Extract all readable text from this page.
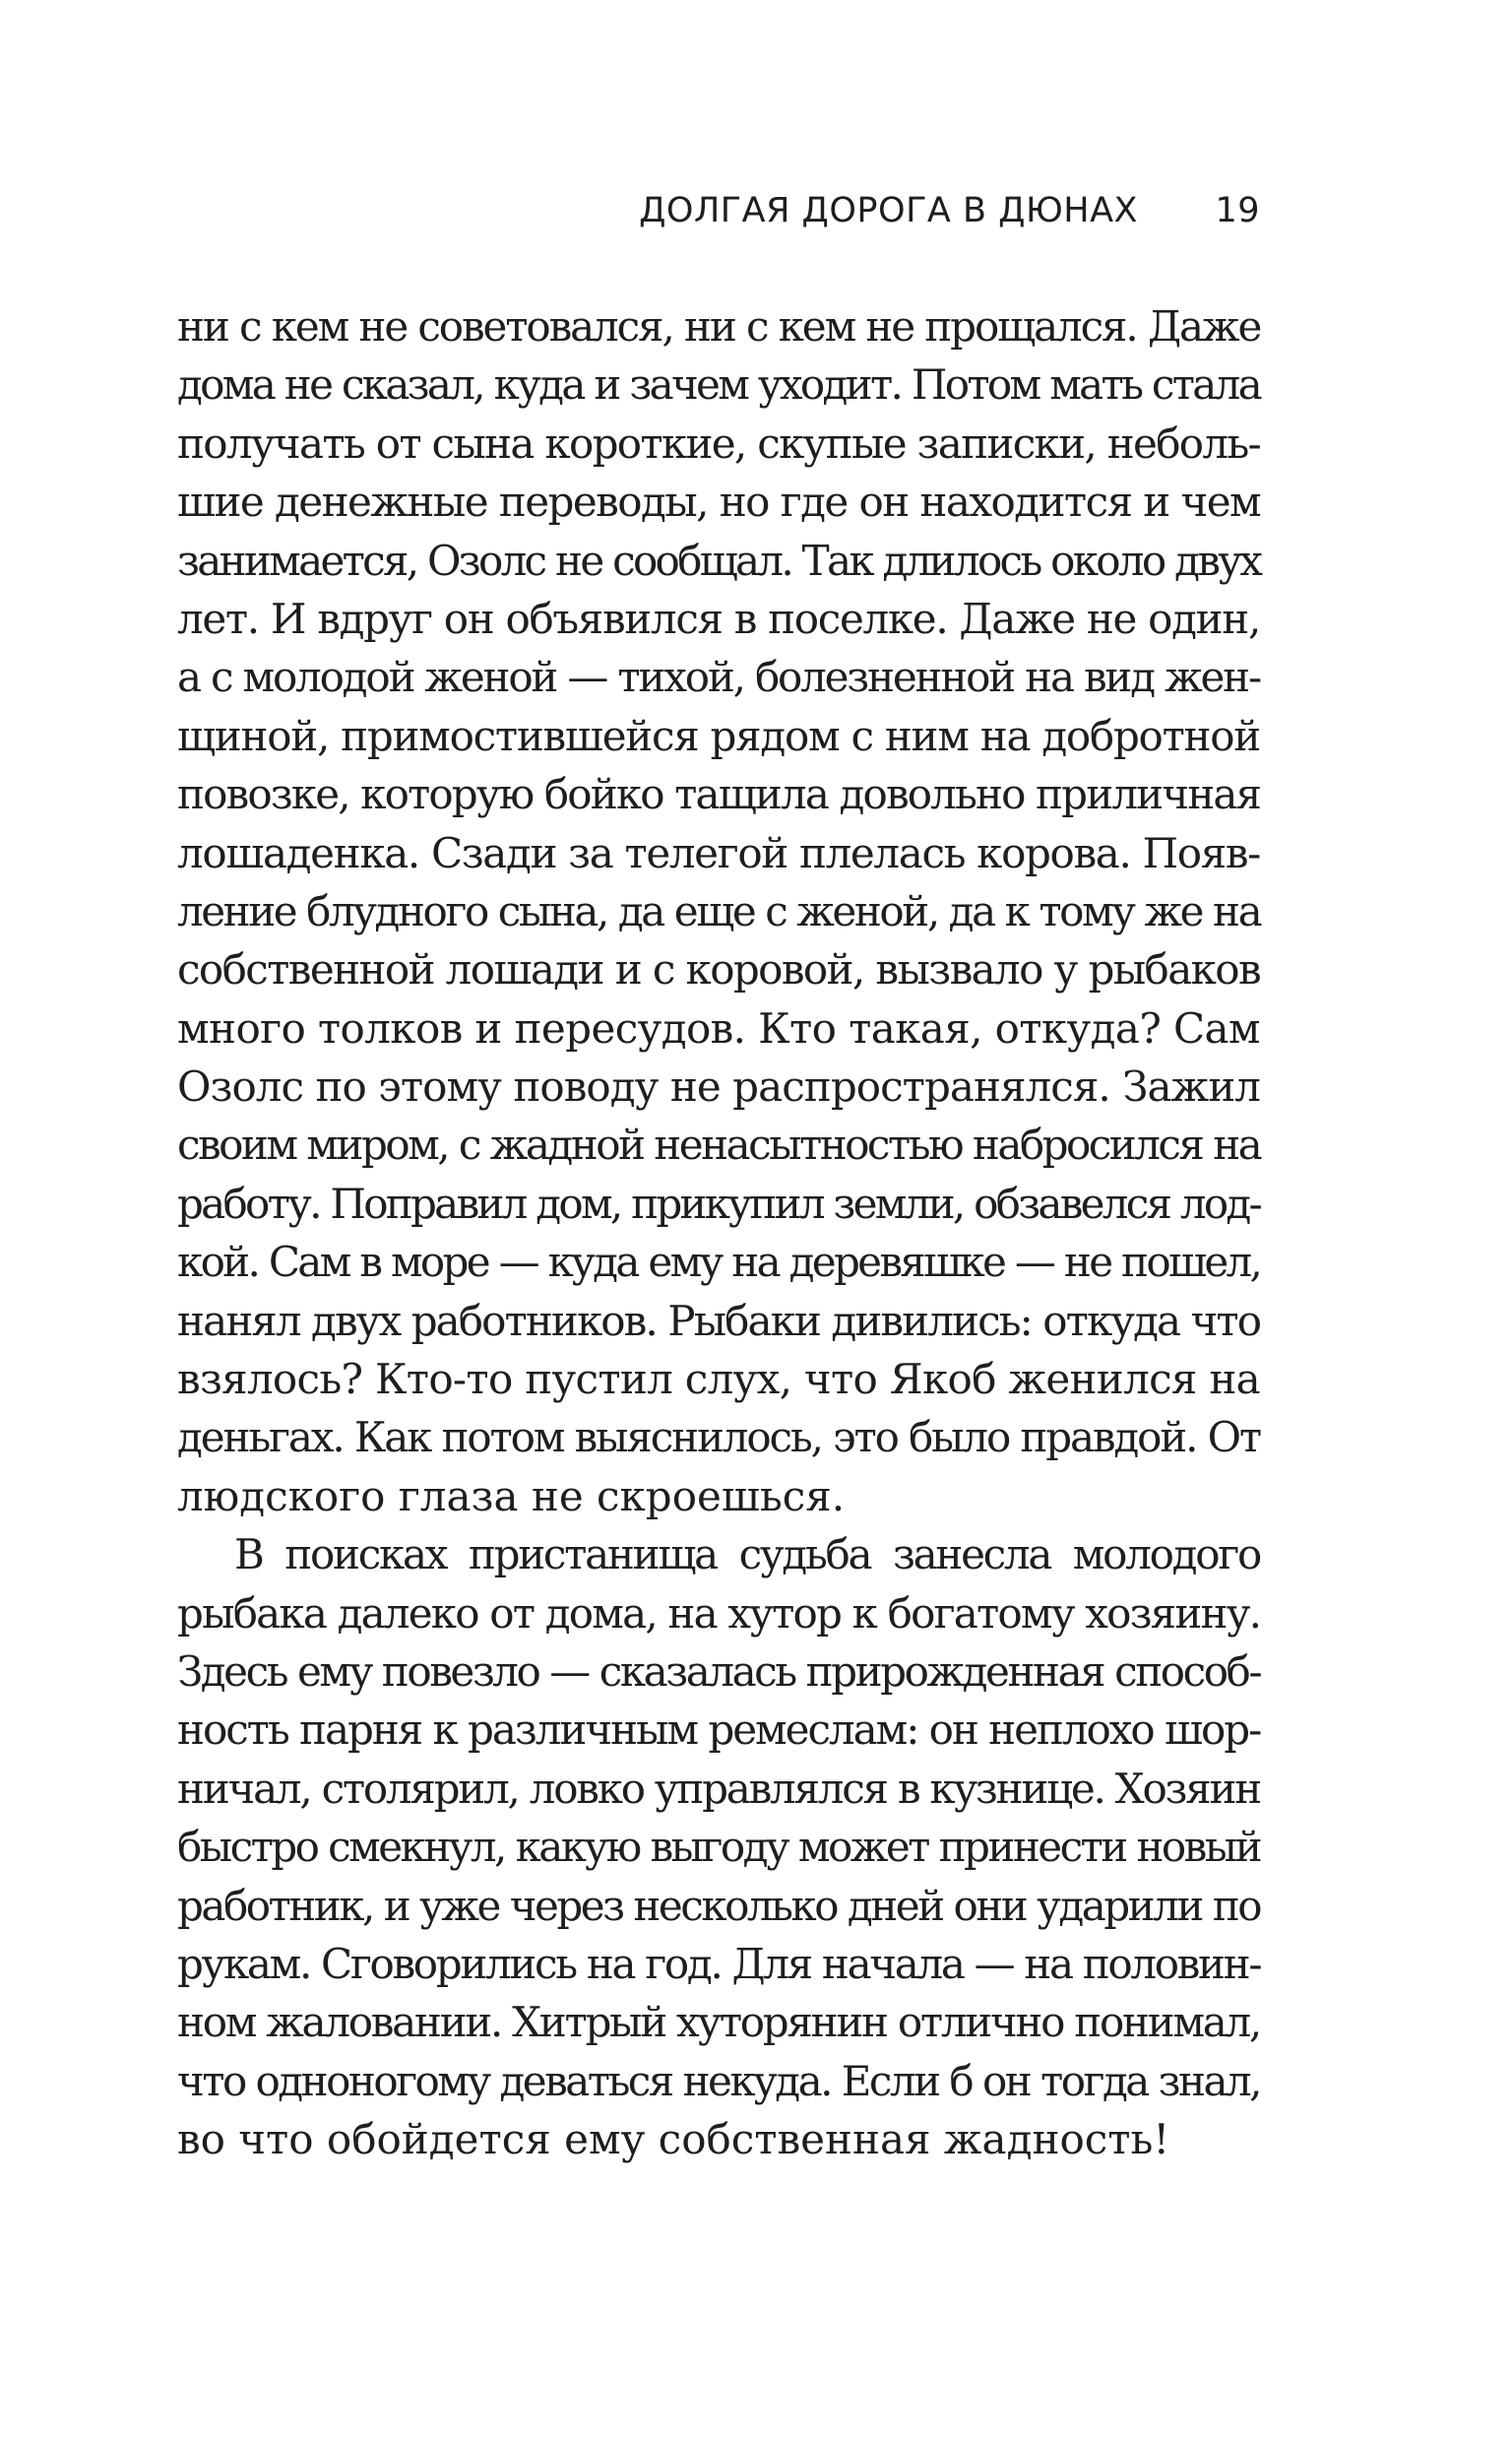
ДОЛГАЯ ДОРОГА В ДЮНАХ 19
ни с кем не советовался, ни с кем не прощался. Даже
дома не сказал, куда и зачем уходит. Потом мать стала
получать от сына короткие, скупые записки, неболь-
шие денежные переводы, но где он находится и чем
занимается, Озолс не сообщал. Так длилось около двух
лет. И вдруг он объявился в поселке. Даже не один,
а с молодой женой — тихой, болезненной на вид жен-
щиной, примостившейся рядом с ним на добротной
повозке, которую бойко тащила довольно приличная
лошаденка. Сзади за телегой плелась корова. Появ-
ление блудного сына, да еще с женой, да к тому же на
собственной лошади и с коровой, вызвало у рыбаков
много толков и пересудов. Кто такая, откуда? Сам
Озолс по этому поводу не распространялся. Зажил
своим миром, с жадной ненасытностью набросился на
работу. Поправил дом, прикупил земли, обзавелся лод-
кой. Сам в море — куда ему на деревяшке — не пошел,
нанял двух работников. Рыбаки дивились: откуда что
взялось? Кто-то пустил слух, что Якоб женился на
деньгах. Как потом выяснилось, это было правдой. От
людского глаза не скроешься.
В поисках пристанища судьба занесла молодого
рыбака далеко от дома, на хутор к богатому хозяину.
Здесь ему повезло — сказалась прирожденная способ-
ность парня к различным ремеслам: он неплохо шор-
ничал, столярил, ловко управлялся в кузнице. Хозяин
быстро смекнул, какую выгоду может принести новый
работник, и уже через несколько дней они ударили по
рукам. Сговорились на год. Для начала — на половин-
ном жаловании. Хитрый хуторянин отлично понимал,
что одноногому деваться некуда. Если б он тогда знал,
во что обойдется ему собственная жадность!
